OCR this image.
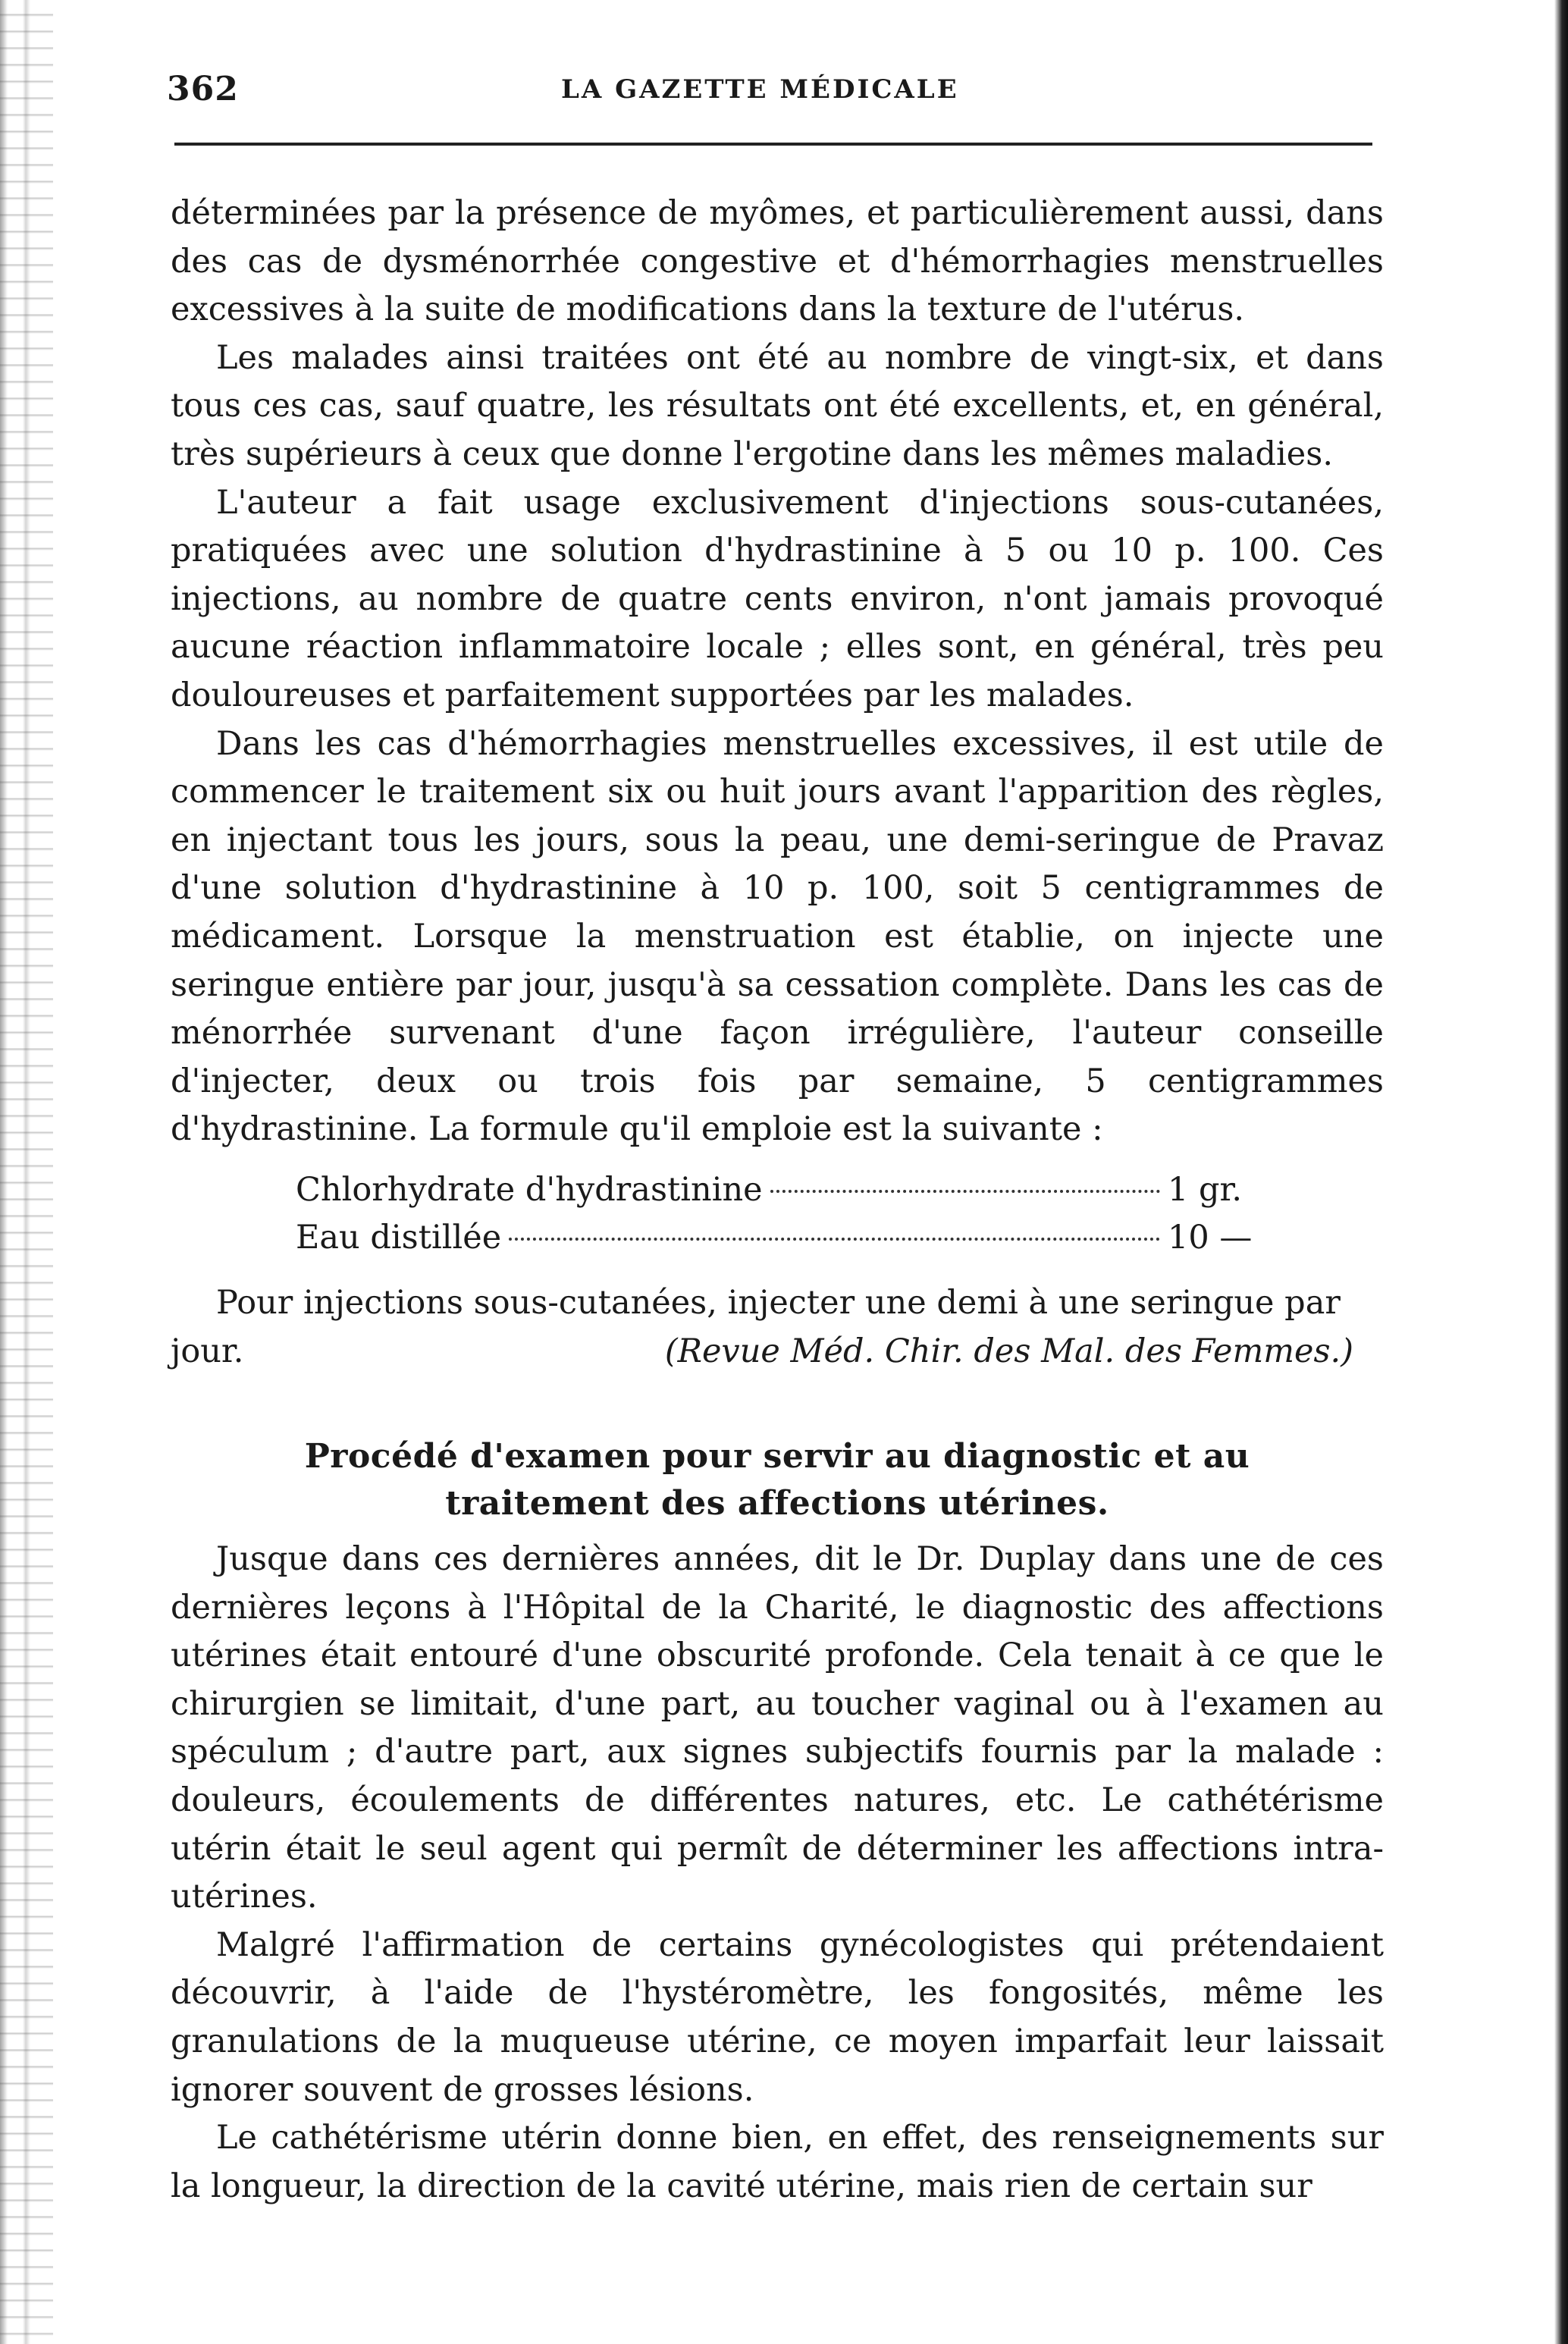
362	LA GAZETTE MÉDICALE

déterminées par la présence de myômes, et particulièrement aussi, dans des cas de dysménorrhée congestive et d'hémorrhagies menstruelles excessives à la suite de modifications dans la texture de l'utérus.

Les malades ainsi traitées ont été au nombre de vingt-six, et dans tous ces cas, sauf quatre, les résultats ont été excellents, et, en général, très supérieurs à ceux que donne l'ergotine dans les mêmes maladies.

L'auteur a fait usage exclusivement d'injections sous-cutanées, pratiquées avec une solution d'hydrastinine à 5 ou 10 p. 100. Ces injections, au nombre de quatre cents environ, n'ont jamais provoqué aucune réaction inflammatoire locale ; elles sont, en général, très peu douloureuses et parfaitement supportées par les malades.

Dans les cas d'hémorrhagies menstruelles excessives, il est utile de commencer le traitement six ou huit jours avant l'apparition des règles, en injectant tous les jours, sous la peau, une demi-seringue de Pravaz d'une solution d'hydrastinine à 10 p. 100, soit 5 centigrammes de médicament. Lorsque la menstruation est établie, on injecte une seringue entière par jour, jusqu'à sa cessation complète. Dans les cas de ménorrhée survenant d'une façon irrégulière, l'auteur conseille d'injecter, deux ou trois fois par semaine, 5 centigrammes d'hydrastinine. La formule qu'il emploie est la suivante :

Chlorhydrate d'hydrastinine	1 gr.
Eau distillée	10 —

Pour injections sous-cutanées, injecter une demi à une seringue par

jour.	(Revue Méd. Chir. des Mal. des Femmes.)
Procédé d'examen pour servir au diagnostic et au
traitement des affections utérines.

Jusque dans ces dernières années, dit le Dr. Duplay dans une de ces dernières leçons à l'Hôpital de la Charité, le diagnostic des affections utérines était entouré d'une obscurité profonde. Cela tenait à ce que le chirurgien se limitait, d'une part, au toucher vaginal ou à l'examen au spéculum ; d'autre part, aux signes subjectifs fournis par la malade : douleurs, écoulements de différentes natures, etc. Le cathétérisme utérin était le seul agent qui permît de déterminer les affections intra-utérines.

Malgré l'affirmation de certains gynécologistes qui prétendaient découvrir, à l'aide de l'hystéromètre, les fongosités, même les granulations de la muqueuse utérine, ce moyen imparfait leur laissait ignorer souvent de grosses lésions.

Le cathétérisme utérin donne bien, en effet, des renseignements sur la longueur, la direction de la cavité utérine, mais rien de certain sur
